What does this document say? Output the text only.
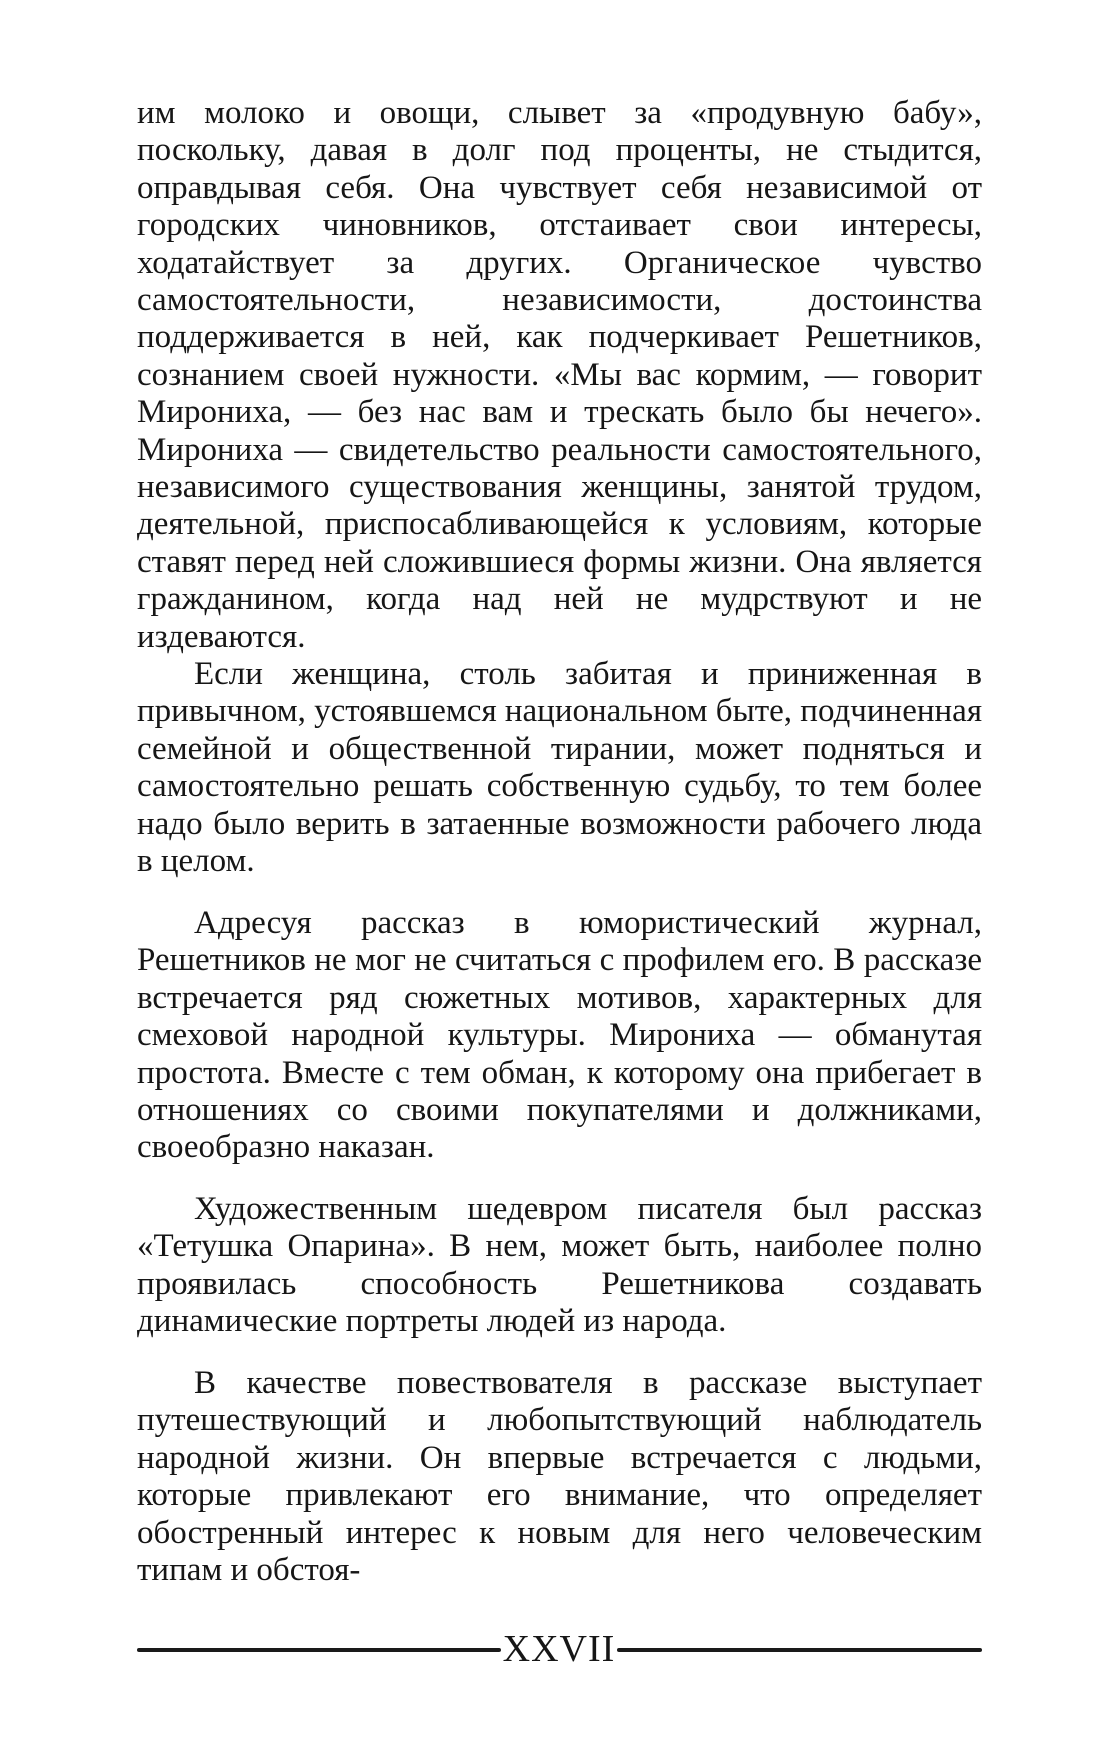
им молоко и овощи, слывет за «продувную бабу», поскольку, давая в долг под проценты, не стыдится, оправдывая себя. Она чувствует себя независимой от городских чиновников, отстаивает свои интересы, ходатайствует за других. Органическое чувство самостоятельности, независимости, достоинства поддерживается в ней, как подчеркивает Решетников, сознанием своей нужности. «Мы вас кормим, — говорит Мирониха, — без нас вам и трескать было бы нечего». Мирониха — свидетельство реальности самостоятельного, независимого существования женщины, занятой трудом, деятельной, приспосабливающейся к условиям, которые ставят перед ней сложившиеся формы жизни. Она является гражданином, когда над ней не мудрствуют и не издеваются.

Если женщина, столь забитая и приниженная в привычном, устоявшемся национальном быте, подчиненная семейной и общественной тирании, может подняться и самостоятельно решать собственную судьбу, то тем более надо было верить в затаенные возможности рабочего люда в целом.

Адресуя рассказ в юмористический журнал, Решетников не мог не считаться с профилем его. В рассказе встречается ряд сюжетных мотивов, характерных для смеховой народной культуры. Мирониха — обманутая простота. Вместе с тем обман, к которому она прибегает в отношениях со своими покупателями и должниками, своеобразно наказан.

Художественным шедевром писателя был рассказ «Тетушка Опарина». В нем, может быть, наиболее полно проявилась способность Решетникова создавать динамические портреты людей из народа.

В качестве повествователя в рассказе выступает путешествующий и любопытствующий наблюдатель народной жизни. Он впервые встречается с людьми, которые привлекают его внимание, что определяет обостренный интерес к новым для него человеческим типам и обстоя-

XXVII
